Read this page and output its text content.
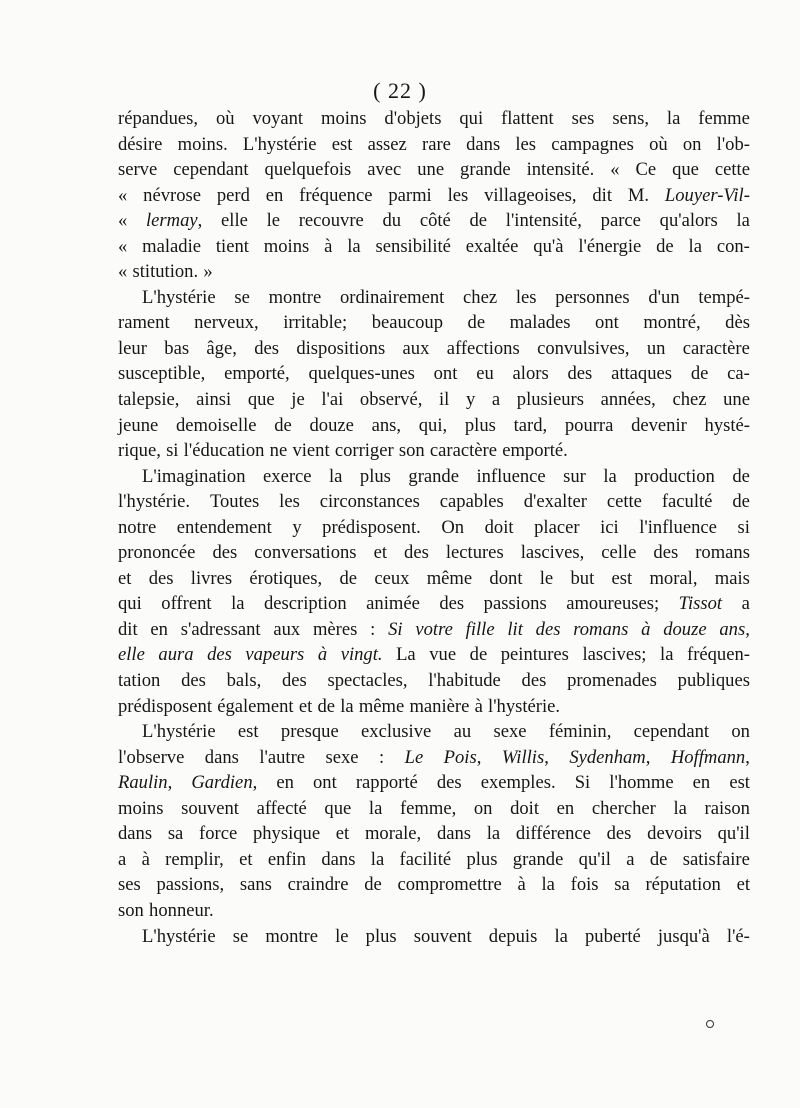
( 22 )
répandues, où voyant moins d'objets qui flattent ses sens, la femme
désire moins. L'hystérie est assez rare dans les campagnes où on l'ob-
serve cependant quelquefois avec une grande intensité. « Ce que cette
« névrose perd en fréquence parmi les villageoises, dit M. Louyer-Vil-
« lermay, elle le recouvre du côté de l'intensité, parce qu'alors la
« maladie tient moins à la sensibilité exaltée qu'à l'énergie de la con-
« stitution. »
L'hystérie se montre ordinairement chez les personnes d'un tempé-
rament nerveux, irritable; beaucoup de malades ont montré, dès
leur bas âge, des dispositions aux affections convulsives, un caractère
susceptible, emporté, quelques-unes ont eu alors des attaques de ca-
talepsie, ainsi que je l'ai observé, il y a plusieurs années, chez une
jeune demoiselle de douze ans, qui, plus tard, pourra devenir hysté-
rique, si l'éducation ne vient corriger son caractère emporté.
L'imagination exerce la plus grande influence sur la production de
l'hystérie. Toutes les circonstances capables d'exalter cette faculté de
notre entendement y prédisposent. On doit placer ici l'influence si
prononcée des conversations et des lectures lascives, celle des romans
et des livres érotiques, de ceux même dont le but est moral, mais
qui offrent la description animée des passions amoureuses; Tissot a
dit en s'adressant aux mères : Si votre fille lit des romans à douze ans,
elle aura des vapeurs à vingt. La vue de peintures lascives; la fréquen-
tation des bals, des spectacles, l'habitude des promenades publiques
prédisposent également et de la même manière à l'hystérie.
L'hystérie est presque exclusive au sexe féminin, cependant on
l'observe dans l'autre sexe : Le Pois, Willis, Sydenham, Hoffmann,
Raulin, Gardien, en ont rapporté des exemples. Si l'homme en est
moins souvent affecté que la femme, on doit en chercher la raison
dans sa force physique et morale, dans la différence des devoirs qu'il
a à remplir, et enfin dans la facilité plus grande qu'il a de satisfaire
ses passions, sans craindre de compromettre à la fois sa réputation et
son honneur.
L'hystérie se montre le plus souvent depuis la puberté jusqu'à l'é-
